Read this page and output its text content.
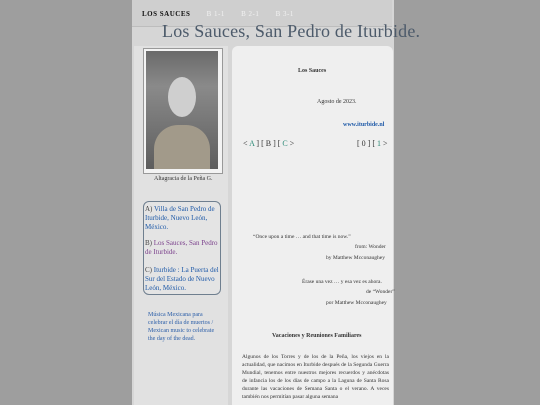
LOS SAUCES B 1-1 B 2-1 B 3-1
Los Sauces, San Pedro de Iturbide.
Altagracia de la Peña G.
A) Villa de San Pedro de Iturbide, Nuevo León, México.
B) Los Sauces, San Pedro de Iturbide.
C) Iturbide : La Puerta del Sur del Estado de Nuevo León, México.
Música Mexicana para celebrar el día de muertos / Mexican music to celebrate the day of the dead.
Los Sauces
Agosto de 2023.
www.iturbide.nl
< A ] [ B ] [ C >	[ 0 ] [ 1 >
“Once upon a time … and that time is now.”
from: Wonder
by Matthew Mcconaughey
Érase una vez … y esa vez es ahora.
de “Wonder”
por Matthew Mcconaughey
Vacaciones y Reuniones Familiares
Algunos de los Torres y de los de la Peña, los viejos en la actualidad, que nacimos en Iturbide después de la Segunda Guerra Mundial, tenemos entre nuestros mejores recuerdos y anécdotas de infancia los de los días de campo a la Laguna de Santa Rosa durante las vacaciones de Semana Santa o el verano. A veces también nos permitían pasar alguna semana
